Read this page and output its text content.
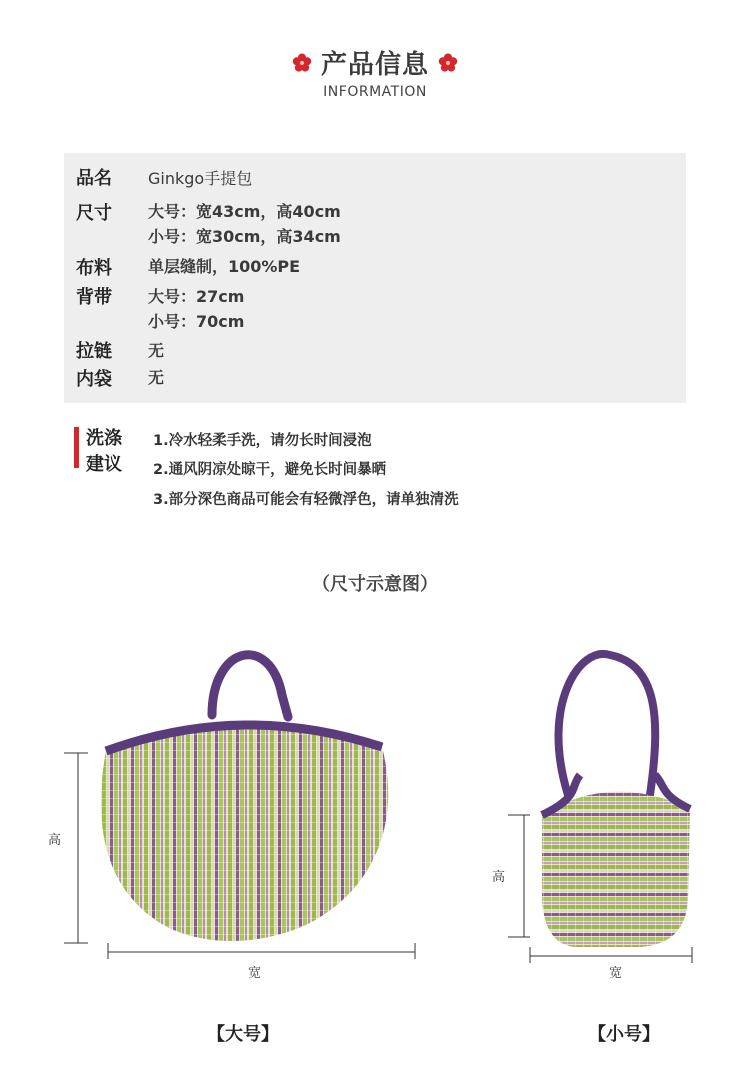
产品信息
INFORMATION
品名 Ginkgo手提包
尺寸 大号：宽43cm，高40cm
小号：宽30cm，高34cm
布料 单层缝制，100%PE
背带 大号：27cm
小号：70cm
拉链 无
内袋 无
洗涤
建议
1.冷水轻柔手洗，请勿长时间浸泡
2.通风阴凉处晾干，避免长时间暴晒
3.部分深色商品可能会有轻微浮色，请单独清洗
（尺寸示意图）
高
宽
【大号】
高
宽
【小号】
